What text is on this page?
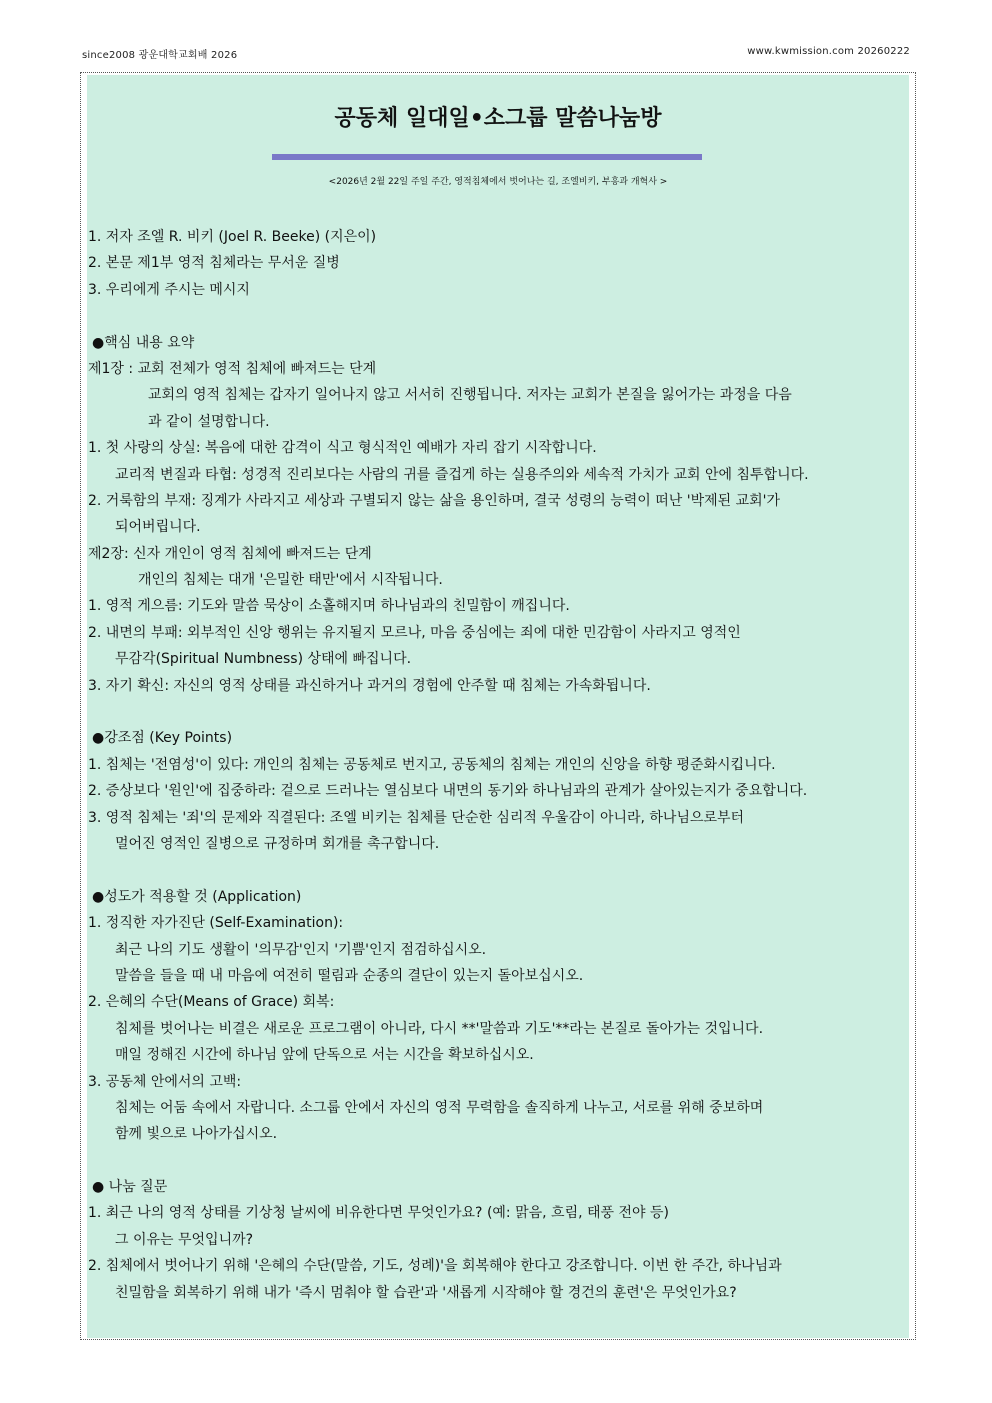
since2008 광운대학교회배 2026	www.kwmission.com 20260222
공동체 일대일•소그룹 말씀나눔방
<2026년 2월 22일 주일 주간, 영적침체에서 벗어나는 길, 조엘비키, 부흥과 개혁사 >
1. 저자 조엘 R. 비키 (Joel R. Beeke) (지은이)
2. 본문 제1부 영적 침체라는 무서운 질병
3. 우리에게 주시는 메시지
●핵심 내용 요약
제1장 : 교회 전체가 영적 침체에 빠져드는 단계
교회의 영적 침체는 갑자기 일어나지 않고 서서히 진행됩니다. 저자는 교회가 본질을 잃어가는 과정을 다음
과 같이 설명합니다.
1. 첫 사랑의 상실: 복음에 대한 감격이 식고 형식적인 예배가 자리 잡기 시작합니다.
교리적 변질과 타협: 성경적 진리보다는 사람의 귀를 즐겁게 하는 실용주의와 세속적 가치가 교회 안에 침투합니다.
2. 거룩함의 부재: 징계가 사라지고 세상과 구별되지 않는 삶을 용인하며, 결국 성령의 능력이 떠난 '박제된 교회'가
되어버립니다.
제2장: 신자 개인이 영적 침체에 빠져드는 단계
개인의 침체는 대개 '은밀한 태만'에서 시작됩니다.
1. 영적 게으름: 기도와 말씀 묵상이 소홀해지며 하나님과의 친밀함이 깨집니다.
2. 내면의 부패: 외부적인 신앙 행위는 유지될지 모르나, 마음 중심에는 죄에 대한 민감함이 사라지고 영적인
무감각(Spiritual Numbness) 상태에 빠집니다.
3. 자기 확신: 자신의 영적 상태를 과신하거나 과거의 경험에 안주할 때 침체는 가속화됩니다.
●강조점 (Key Points)
1. 침체는 '전염성'이 있다: 개인의 침체는 공동체로 번지고, 공동체의 침체는 개인의 신앙을 하향 평준화시킵니다.
2. 증상보다 '원인'에 집중하라: 겉으로 드러나는 열심보다 내면의 동기와 하나님과의 관계가 살아있는지가 중요합니다.
3. 영적 침체는 '죄'의 문제와 직결된다: 조엘 비키는 침체를 단순한 심리적 우울감이 아니라, 하나님으로부터
멀어진 영적인 질병으로 규정하며 회개를 촉구합니다.
●성도가 적용할 것 (Application)
1. 정직한 자가진단 (Self-Examination):
최근 나의 기도 생활이 '의무감'인지 '기쁨'인지 점검하십시오.
말씀을 들을 때 내 마음에 여전히 떨림과 순종의 결단이 있는지 돌아보십시오.
2. 은혜의 수단(Means of Grace) 회복:
침체를 벗어나는 비결은 새로운 프로그램이 아니라, 다시 **'말씀과 기도'**라는 본질로 돌아가는 것입니다.
매일 정해진 시간에 하나님 앞에 단독으로 서는 시간을 확보하십시오.
3. 공동체 안에서의 고백:
침체는 어둠 속에서 자랍니다. 소그룹 안에서 자신의 영적 무력함을 솔직하게 나누고, 서로를 위해 중보하며
함께 빛으로 나아가십시오.
● 나눔 질문
1. 최근 나의 영적 상태를 기상청 날씨에 비유한다면 무엇인가요? (예: 맑음, 흐림, 태풍 전야 등)
그 이유는 무엇입니까?
2. 침체에서 벗어나기 위해 '은혜의 수단(말씀, 기도, 성례)'을 회복해야 한다고 강조합니다. 이번 한 주간, 하나님과
친밀함을 회복하기 위해 내가 '즉시 멈춰야 할 습관'과 '새롭게 시작해야 할 경건의 훈련'은 무엇인가요?
